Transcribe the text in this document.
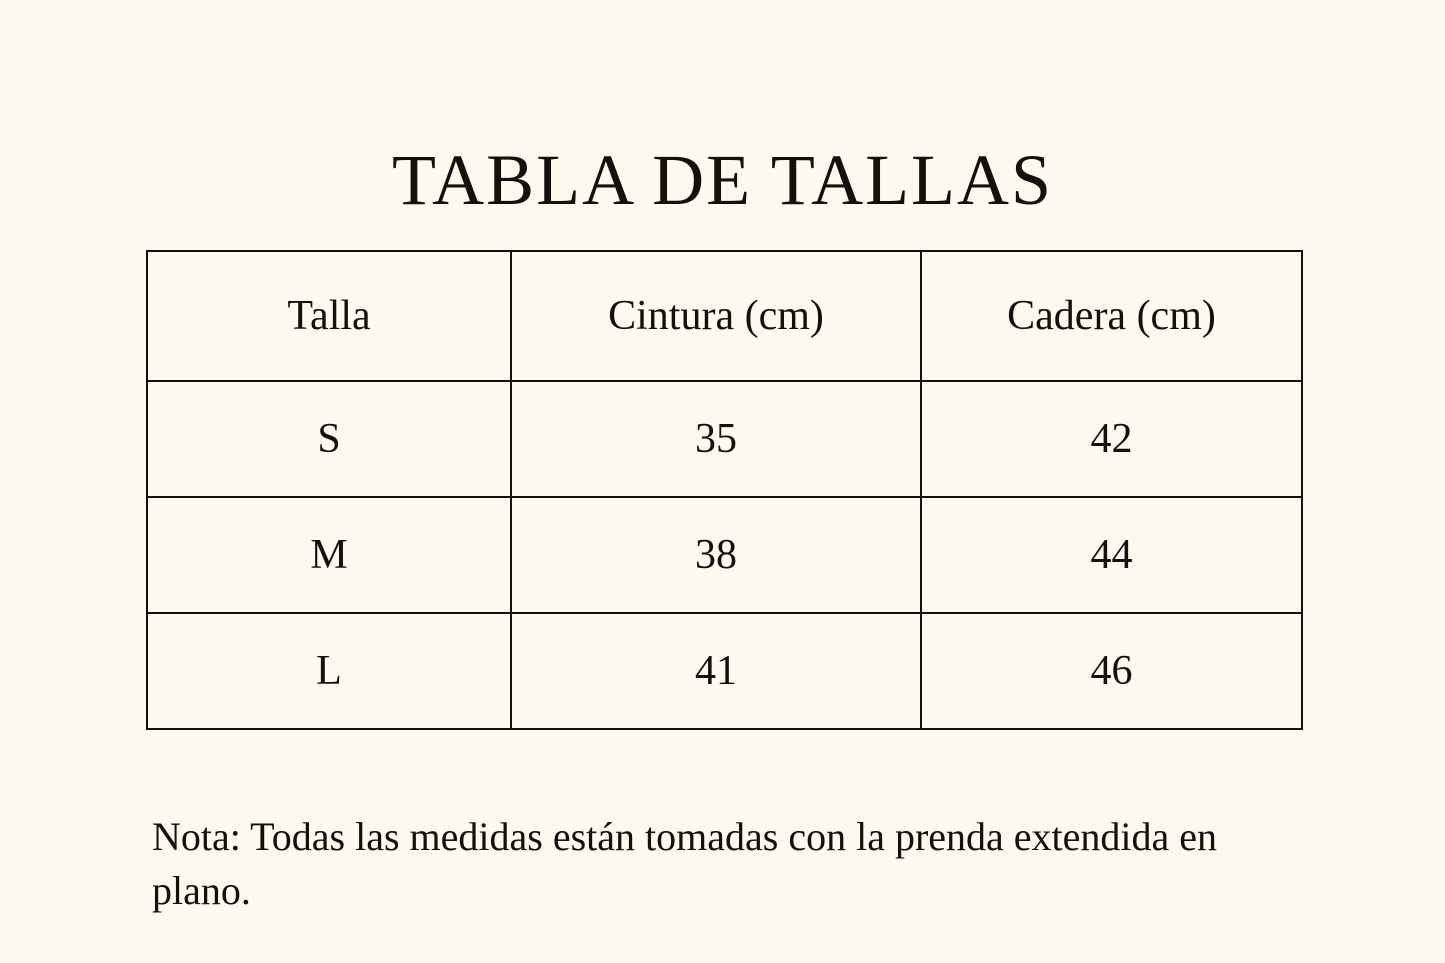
TABLA DE TALLAS
Talla	Cintura (cm)	Cadera (cm)
S	35	42
M	38	44
L	41	46

Nota: Todas las medidas están tomadas con la prenda extendida en plano.
